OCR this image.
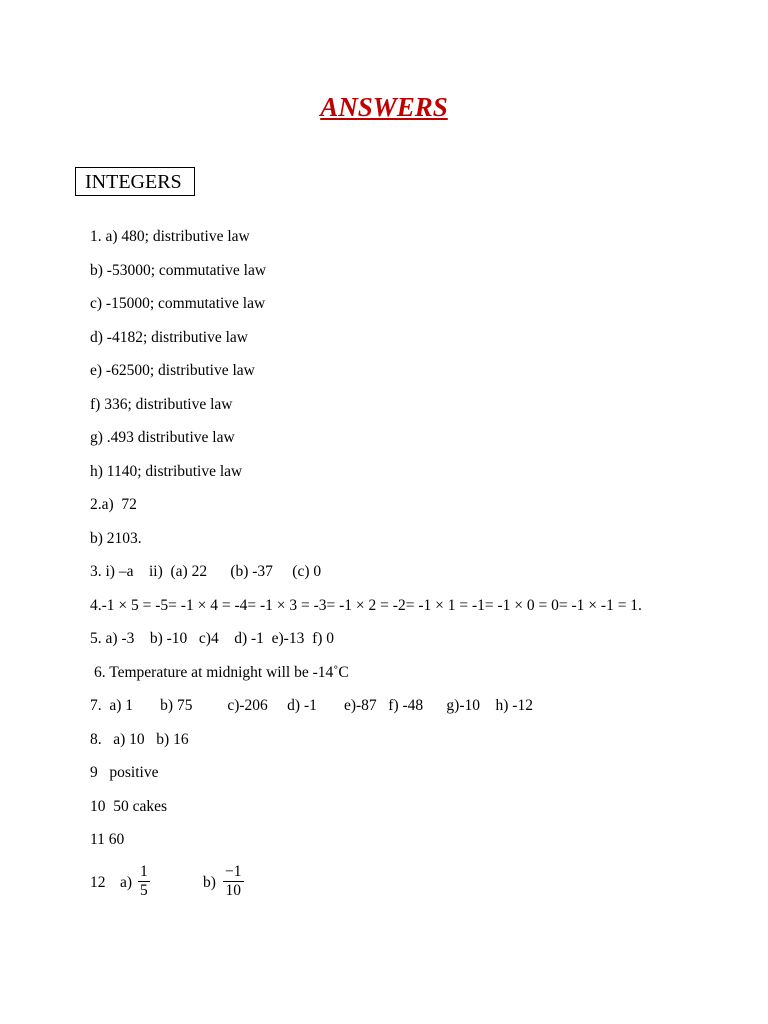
ANSWERS
INTEGERS
1. a) 480; distributive law
b) -53000; commutative law
c) -15000; commutative law
d) -4182; distributive law
e) -62500; distributive law
f) 336; distributive law
g) .493 distributive law
h) 1140; distributive law
2.a)  72
b) 2103.
3. i) –a    ii)  (a) 22      (b) -37     (c) 0
4.-1 × 5 = -5= -1 × 4 = -4= -1 × 3 = -3= -1 × 2 = -2= -1 × 1 = -1= -1 × 0 = 0= -1 × -1 = 1.
5. a) -3    b) -10   c)4    d) -1  e)-13  f) 0
6. Temperature at midnight will be -14˚C
7.  a) 1       b) 75         c)-206     d) -1       e)-87   f) -48      g)-10    h) -12
8.   a) 10   b) 16
9   positive
10  50 cakes
11 60
12 $a) \frac{1}{5}$	$b) \frac{-1}{10}$
